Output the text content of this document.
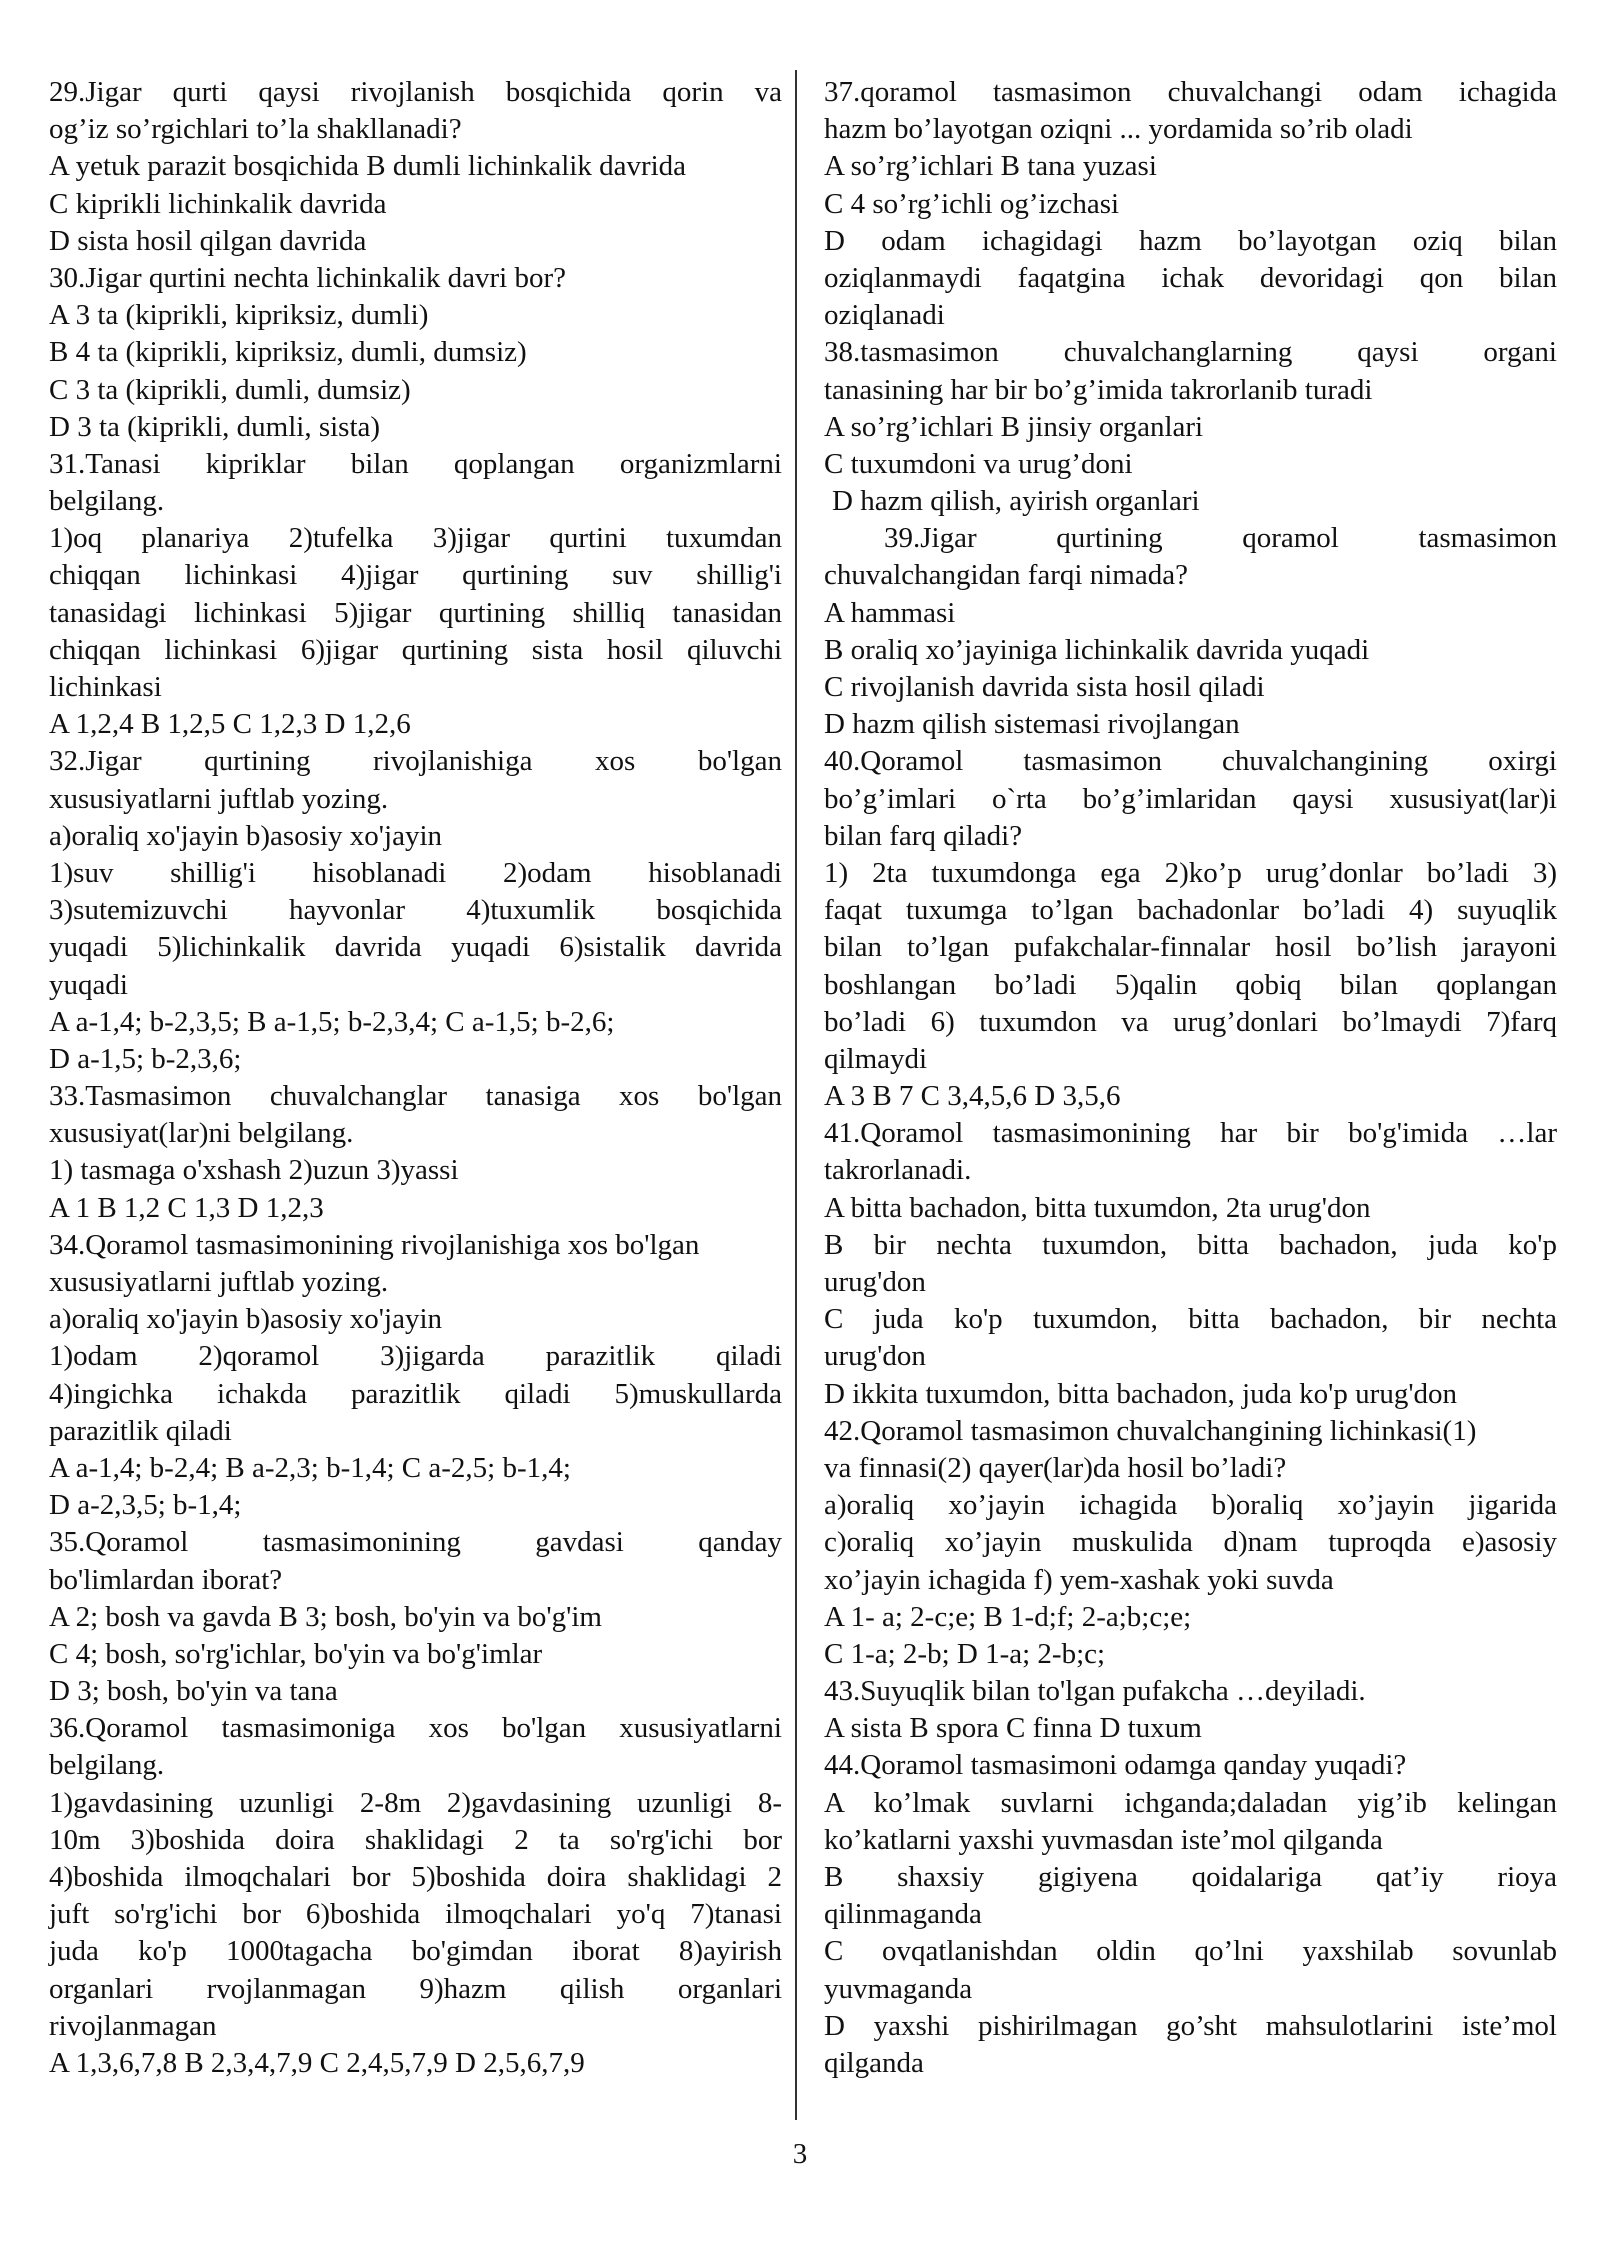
29.Jigar qurti qaysi rivojlanish bosqichida qorin va
og’iz so’rgichlari to’la shakllanadi?
A yetuk parazit bosqichida B dumli lichinkalik davrida
C kiprikli lichinkalik davrida
D sista hosil qilgan davrida
30.Jigar qurtini nechta lichinkalik davri bor?
A 3 ta (kiprikli, kipriksiz, dumli)
B 4 ta (kiprikli, kipriksiz, dumli, dumsiz)
C 3 ta (kiprikli, dumli, dumsiz)
D 3 ta (kiprikli, dumli, sista)
31.Tanasi kipriklar bilan qoplangan organizmlarni
belgilang.
1)oq planariya 2)tufelka 3)jigar qurtini tuxumdan
chiqqan lichinkasi 4)jigar qurtining suv shillig'i
tanasidagi lichinkasi 5)jigar qurtining shilliq tanasidan
chiqqan lichinkasi 6)jigar qurtining sista hosil qiluvchi
lichinkasi
A 1,2,4 B 1,2,5 C 1,2,3 D 1,2,6
32.Jigar qurtining rivojlanishiga xos bo'lgan
xususiyatlarni juftlab yozing.
a)oraliq xo'jayin b)asosiy xo'jayin
1)suv shillig'i hisoblanadi 2)odam hisoblanadi
3)sutemizuvchi hayvonlar 4)tuxumlik bosqichida
yuqadi 5)lichinkalik davrida yuqadi 6)sistalik davrida
yuqadi
A a-1,4; b-2,3,5; B a-1,5; b-2,3,4; C a-1,5; b-2,6;
D a-1,5; b-2,3,6;
33.Tasmasimon chuvalchanglar tanasiga xos bo'lgan
xususiyat(lar)ni belgilang.
1) tasmaga o'xshash 2)uzun 3)yassi
A 1 B 1,2 C 1,3 D 1,2,3
34.Qoramol tasmasimonining rivojlanishiga xos bo'lgan
xususiyatlarni juftlab yozing.
a)oraliq xo'jayin b)asosiy xo'jayin
1)odam 2)qoramol 3)jigarda parazitlik qiladi
4)ingichka ichakda parazitlik qiladi 5)muskullarda
parazitlik qiladi
A a-1,4; b-2,4; B a-2,3; b-1,4; C a-2,5; b-1,4;
D a-2,3,5; b-1,4;
35.Qoramol tasmasimonining gavdasi qanday
bo'limlardan iborat?
A 2; bosh va gavda B 3; bosh, bo'yin va bo'g'im
C 4; bosh, so'rg'ichlar, bo'yin va bo'g'imlar
D 3; bosh, bo'yin va tana
36.Qoramol tasmasimoniga xos bo'lgan xususiyatlarni
belgilang.
1)gavdasining uzunligi 2-8m 2)gavdasining uzunligi 8-
10m 3)boshida doira shaklidagi 2 ta so'rg'ichi bor
4)boshida ilmoqchalari bor 5)boshida doira shaklidagi 2
juft so'rg'ichi bor 6)boshida ilmoqchalari yo'q 7)tanasi
juda ko'p 1000tagacha bo'gimdan iborat 8)ayirish
organlari rvojlanmagan 9)hazm qilish organlari
rivojlanmagan
A 1,3,6,7,8 B 2,3,4,7,9 C 2,4,5,7,9 D 2,5,6,7,9
37.qoramol tasmasimon chuvalchangi odam ichagida
hazm bo’layotgan oziqni ... yordamida so’rib oladi
A so’rg’ichlari B tana yuzasi
C 4 so’rg’ichli og’izchasi
D odam ichagidagi hazm bo’layotgan oziq bilan
oziqlanmaydi faqatgina ichak devoridagi qon bilan
oziqlanadi
38.tasmasimon chuvalchanglarning qaysi organi
tanasining har bir bo’g’imida takrorlanib turadi
A so’rg’ichlari B jinsiy organlari
C tuxumdoni va urug’doni
D hazm qilish, ayirish organlari
39.Jigar qurtining qoramol tasmasimon
chuvalchangidan farqi nimada?
A hammasi
B oraliq xo’jayiniga lichinkalik davrida yuqadi
C rivojlanish davrida sista hosil qiladi
D hazm qilish sistemasi rivojlangan
40.Qoramol tasmasimon chuvalchangining oxirgi
bo’g’imlari o`rta bo’g’imlaridan qaysi xususiyat(lar)i
bilan farq qiladi?
1) 2ta tuxumdonga ega 2)ko’p urug’donlar bo’ladi 3)
faqat tuxumga to’lgan bachadonlar bo’ladi 4) suyuqlik
bilan to’lgan pufakchalar-finnalar hosil bo’lish jarayoni
boshlangan bo’ladi 5)qalin qobiq bilan qoplangan
bo’ladi 6) tuxumdon va urug’donlari bo’lmaydi 7)farq
qilmaydi
A 3 B 7 C 3,4,5,6 D 3,5,6
41.Qoramol tasmasimonining har bir bo'g'imida …lar
takrorlanadi.
A bitta bachadon, bitta tuxumdon, 2ta urug'don
B bir nechta tuxumdon, bitta bachadon, juda ko'p
urug'don
C juda ko'p tuxumdon, bitta bachadon, bir nechta
urug'don
D ikkita tuxumdon, bitta bachadon, juda ko'p urug'don
42.Qoramol tasmasimon chuvalchangining lichinkasi(1)
va finnasi(2) qayer(lar)da hosil bo’ladi?
a)oraliq xo’jayin ichagida b)oraliq xo’jayin jigarida
c)oraliq xo’jayin muskulida d)nam tuproqda e)asosiy
xo’jayin ichagida f) yem-xashak yoki suvda
A 1- a; 2-c;e; B 1-d;f; 2-a;b;c;e;
C 1-a; 2-b; D 1-a; 2-b;c;
43.Suyuqlik bilan to'lgan pufakcha …deyiladi.
A sista B spora C finna D tuxum
44.Qoramol tasmasimoni odamga qanday yuqadi?
A ko’lmak suvlarni ichganda;daladan yig’ib kelingan
ko’katlarni yaxshi yuvmasdan iste’mol qilganda
B shaxsiy gigiyena qoidalariga qat’iy rioya
qilinmaganda
C ovqatlanishdan oldin qo’lni yaxshilab sovunlab
yuvmaganda
D yaxshi pishirilmagan go’sht mahsulotlarini iste’mol
qilganda
3
